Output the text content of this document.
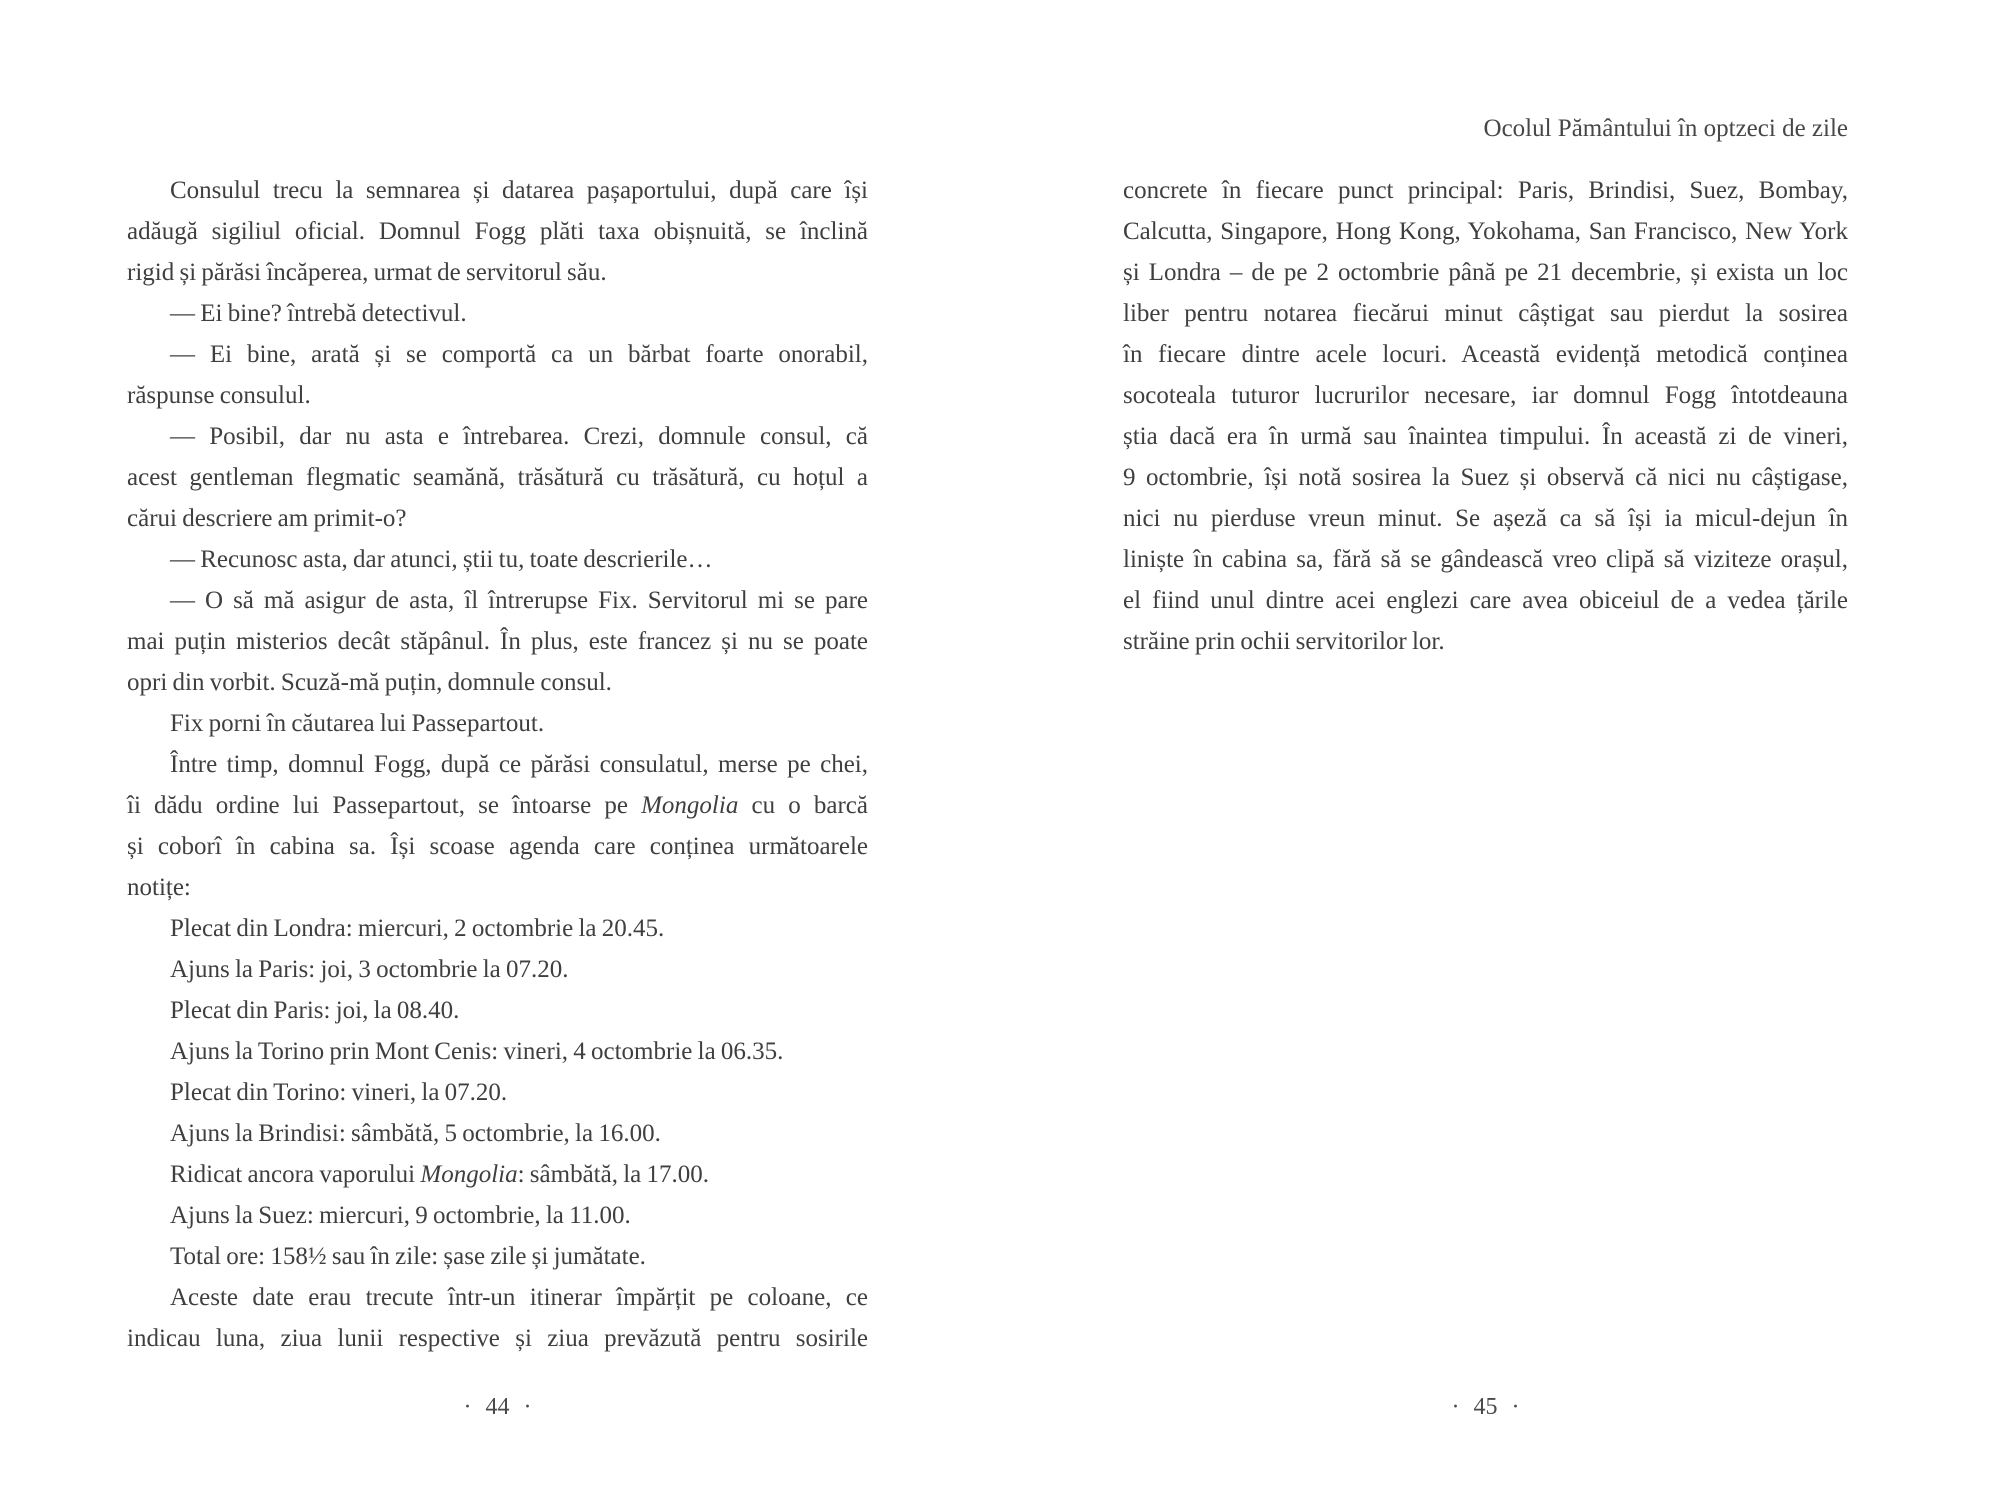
Consulul trecu la semnarea și datarea pașaportului, după care își
adăugă sigiliul oficial. Domnul Fogg plăti taxa obișnuită, se înclină
rigid și părăsi încăperea, urmat de servitorul său.
— Ei bine? întrebă detectivul.
— Ei bine, arată și se comportă ca un bărbat foarte onorabil,
răspunse consulul.
— Posibil, dar nu asta e întrebarea. Crezi, domnule consul, că
acest gentleman flegmatic seamănă, trăsătură cu trăsătură, cu hoțul a
cărui descriere am primit-o?
— Recunosc asta, dar atunci, știi tu, toate descrierile…
— O să mă asigur de asta, îl întrerupse Fix. Servitorul mi se pare
mai puțin misterios decât stăpânul. În plus, este francez și nu se poate
opri din vorbit. Scuză-mă puțin, domnule consul.
Fix porni în căutarea lui Passepartout.
Între timp, domnul Fogg, după ce părăsi consulatul, merse pe chei,
îi dădu ordine lui Passepartout, se întoarse pe Mongolia cu o barcă
și coborî în cabina sa. Își scoase agenda care conținea următoarele
notițe:
Plecat din Londra: miercuri, 2 octombrie la 20.45.
Ajuns la Paris: joi, 3 octombrie la 07.20.
Plecat din Paris: joi, la 08.40.
Ajuns la Torino prin Mont Cenis: vineri, 4 octombrie la 06.35.
Plecat din Torino: vineri, la 07.20.
Ajuns la Brindisi: sâmbătă, 5 octombrie, la 16.00.
Ridicat ancora vaporului Mongolia: sâmbătă, la 17.00.
Ajuns la Suez: miercuri, 9 octombrie, la 11.00.
Total ore: 158½ sau în zile: șase zile și jumătate.
Aceste date erau trecute într-un itinerar împărțit pe coloane, ce
indicau luna, ziua lunii respective și ziua prevăzută pentru sosirile
· 44 ·
Ocolul Pământului în optzeci de zile
concrete în fiecare punct principal: Paris, Brindisi, Suez, Bombay,
Calcutta, Singapore, Hong Kong, Yokohama, San Francisco, New York
și Londra – de pe 2 octombrie până pe 21 decembrie, și exista un loc
liber pentru notarea fiecărui minut câștigat sau pierdut la sosirea
în fiecare dintre acele locuri. Această evidență metodică conținea
socoteala tuturor lucrurilor necesare, iar domnul Fogg întotdeauna
știa dacă era în urmă sau înaintea timpului. În această zi de vineri,
9 octombrie, își notă sosirea la Suez și observă că nici nu câștigase,
nici nu pierduse vreun minut. Se așeză ca să își ia micul-dejun în
liniște în cabina sa, fără să se gândească vreo clipă să viziteze orașul,
el fiind unul dintre acei englezi care avea obiceiul de a vedea țările
străine prin ochii servitorilor lor.
· 45 ·
